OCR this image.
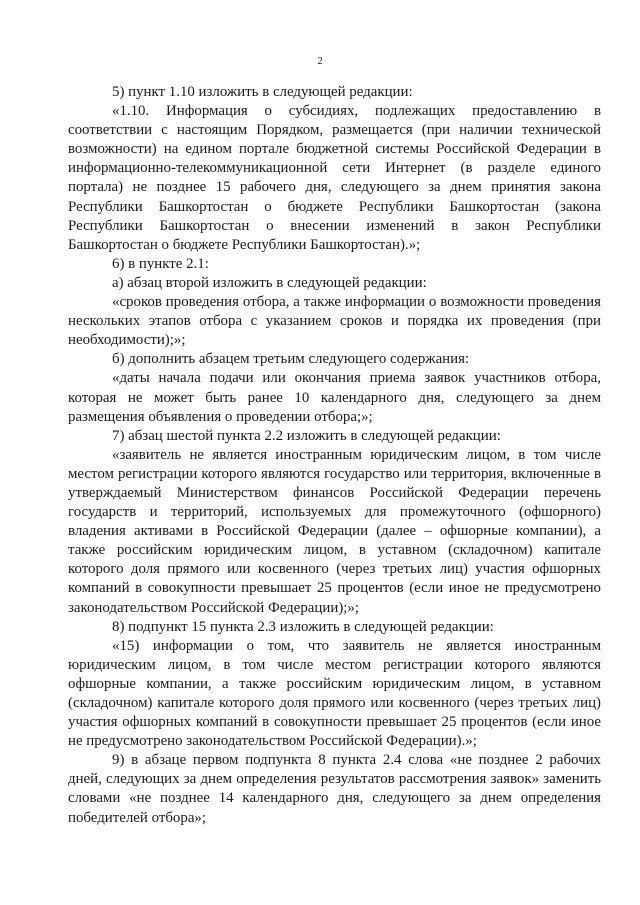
2

5) пункт 1.10 изложить в следующей редакции:

«1.10. Информация о субсидиях, подлежащих предоставлению в соответствии с настоящим Порядком, размещается (при наличии технической возможности) на едином портале бюджетной системы Российской Федерации в информационно-телекоммуникационной сети Интернет (в разделе единого портала) не позднее 15 рабочего дня, следующего за днем принятия закона Республики Башкортостан о бюджете Республики Башкортостан (закона Республики Башкортостан о внесении изменений в закон Республики Башкортостан о бюджете Республики Башкортостан).»;

6) в пункте 2.1:

а) абзац второй изложить в следующей редакции:

«сроков проведения отбора, а также информации о возможности проведения нескольких этапов отбора с указанием сроков и порядка их проведения (при необходимости);»;

б) дополнить абзацем третьим следующего содержания:

«даты начала подачи или окончания приема заявок участников отбора, которая не может быть ранее 10 календарного дня, следующего за днем размещения объявления о проведении отбора;»;

7) абзац шестой пункта 2.2 изложить в следующей редакции:

«заявитель не является иностранным юридическим лицом, в том числе местом регистрации которого являются государство или территория, включенные в утверждаемый Министерством финансов Российской Федерации перечень государств и территорий, используемых для промежуточного (офшорного) владения активами в Российской Федерации (далее – офшорные компании), а также российским юридическим лицом, в уставном (складочном) капитале которого доля прямого или косвенного (через третьих лиц) участия офшорных компаний в совокупности превышает 25 процентов (если иное не предусмотрено законодательством Российской Федерации);»;

8) подпункт 15 пункта 2.3 изложить в следующей редакции:

«15) информации о том, что заявитель не является иностранным юридическим лицом, в том числе местом регистрации которого являются офшорные компании, а также российским юридическим лицом, в уставном (складочном) капитале которого доля прямого или косвенного (через третьих лиц) участия офшорных компаний в совокупности превышает 25 процентов (если иное не предусмотрено законодательством Российской Федерации).»;

9) в абзаце первом подпункта 8 пункта 2.4 слова «не позднее 2 рабочих дней, следующих за днем определения результатов рассмотрения заявок» заменить словами «не позднее 14 календарного дня, следующего за днем определения победителей отбора»;
